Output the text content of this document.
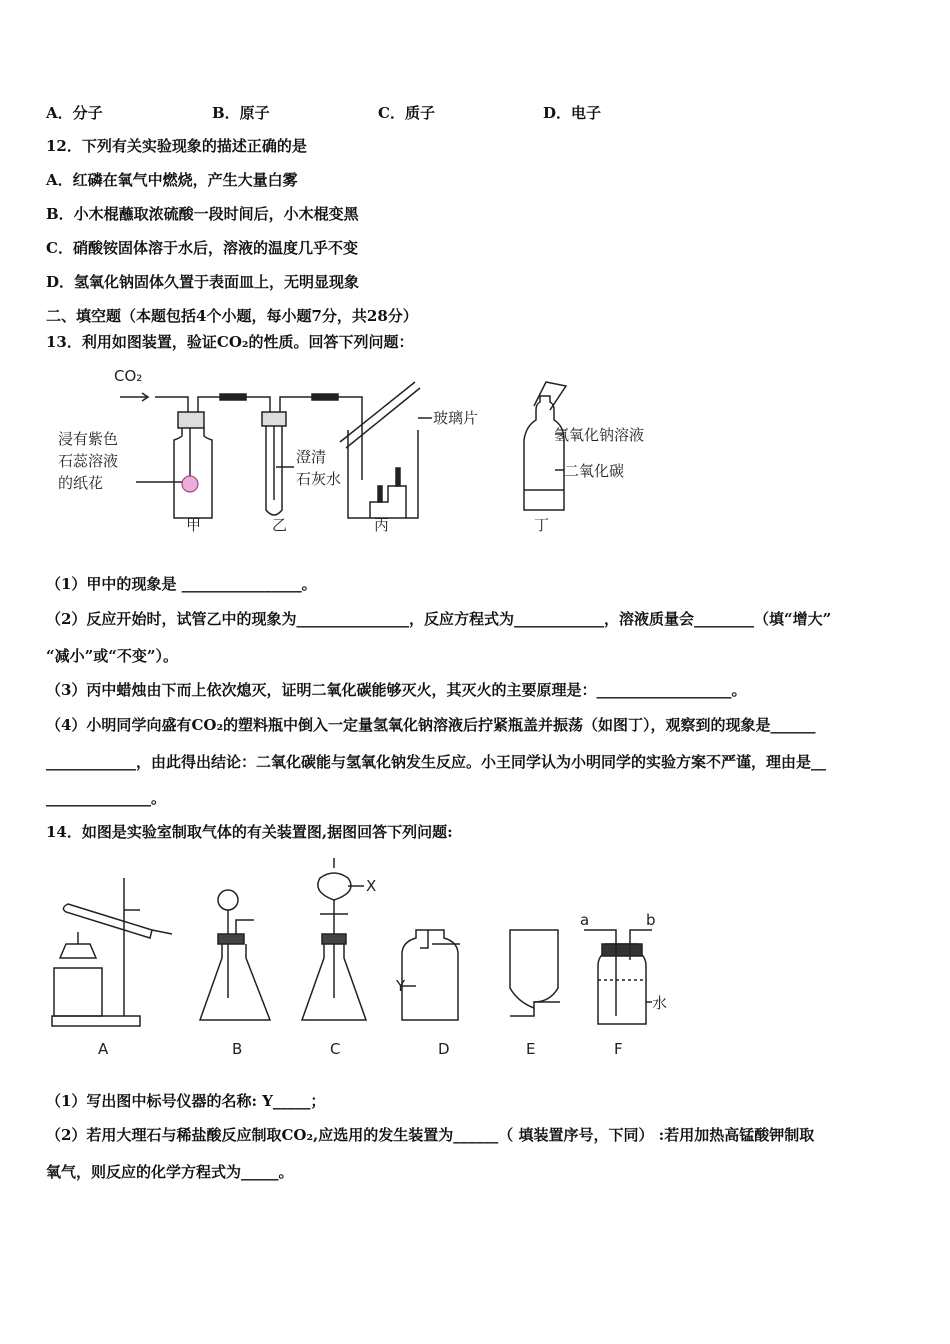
A．分子	B．原子	C．质子	D．电子
12．下列有关实验现象的描述正确的是
A．红磷在氧气中燃烧，产生大量白雾
B．小木棍蘸取浓硫酸一段时间后，小木棍变黑
C．硝酸铵固体溶于水后，溶液的温度几乎不变
D．氢氧化钠固体久置于表面皿上，无明显现象
二、填空题（本题包括4个小题，每小题7分，共28分）
13．利用如图装置，验证CO₂的性质。回答下列问题：
CO₂
浸有紫色
石蕊溶液
的纸花
澄清
石灰水
玻璃片
氢氧化钠溶液
二氧化碳
甲	乙	丙	丁
（1）甲中的现象是 ________________。
（2）反应开始时，试管乙中的现象为_______________，反应方程式为____________，溶液质量会________（填“增大”
“减小”或“不变”）。
（3）丙中蜡烛由下而上依次熄灭，证明二氧化碳能够灭火，其灭火的主要原理是：__________________。
（4）小明同学向盛有CO₂的塑料瓶中倒入一定量氢氧化钠溶液后拧紧瓶盖并振荡（如图丁），观察到的现象是______
____________，由此得出结论：二氧化碳能与氢氧化钠发生反应。小王同学认为小明同学的实验方案不严谨，理由是__
______________。
14．如图是实验室制取气体的有关装置图,据图回答下列问题:
X
Y
a	b
水
A	B	C	D	E	F
（1）写出图中标号仪器的名称: Y_____；
（2）若用大理石与稀盐酸反应制取CO₂,应选用的发生装置为______（ 填装置序号，下同） :若用加热高锰酸钾制取
氧气，则反应的化学方程式为_____。
